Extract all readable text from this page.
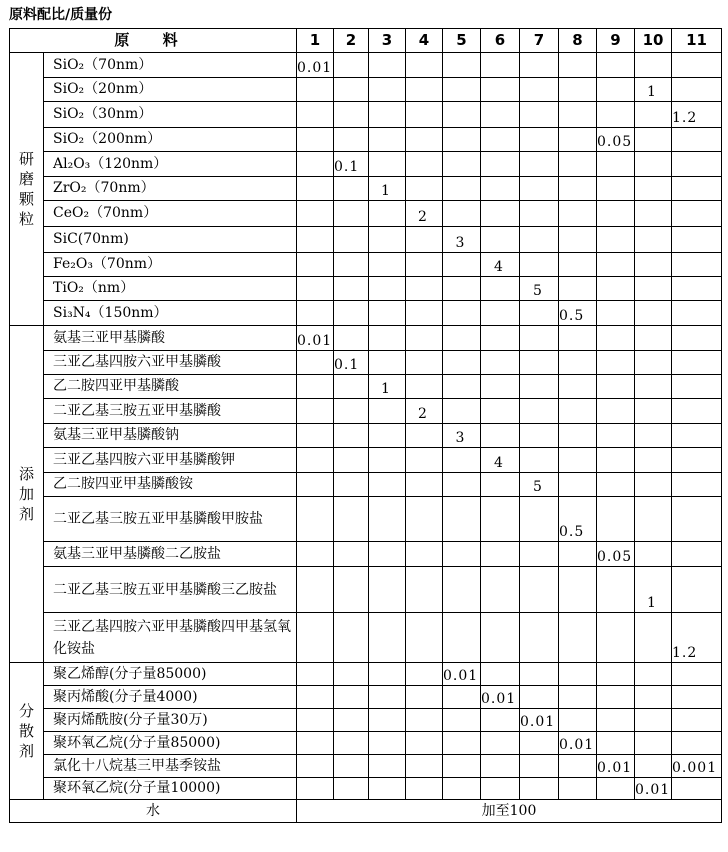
原料配比/质量份
原 料		1	2	3	4	5	6	7	8	9	10	11

研磨颗粒	SiO₂（70nm）	0.01										
	SiO₂（20nm）										1	
	SiO₂（30nm）											1.2
	SiO₂（200nm）									0.05		
	Al₂O₃（120nm）		0.1									
	ZrO₂（70nm）			1								
	CeO₂（70nm）				2							
	SiC(70nm)					3						
	Fe₂O₃（70nm）						4					
	TiO₂（nm）							5				
	Si₃N₄（150nm）								0.5			

添加剂	氨基三亚甲基膦酸	0.01										
	三亚乙基四胺六亚甲基膦酸		0.1									
	乙二胺四亚甲基膦酸			1								
	二亚乙基三胺五亚甲基膦酸				2							
	氨基三亚甲基膦酸钠					3						
	三亚乙基四胺六亚甲基膦酸钾						4					
	乙二胺四亚甲基膦酸铵							5				
	二亚乙基三胺五亚甲基膦酸甲胺盐								0.5			
	氨基三亚甲基膦酸二乙胺盐									0.05		
	二亚乙基三胺五亚甲基膦酸三乙胺盐										1	
	三亚乙基四胺六亚甲基膦酸四甲基氢氧化铵盐											1.2

分散剂	聚乙烯醇(分子量85000)					0.01						
	聚丙烯酸(分子量4000)						0.01					
	聚丙烯酰胺(分子量30万)							0.01				
	聚环氧乙烷(分子量85000)								0.01			
	氯化十八烷基三甲基季铵盐									0.01		0.001
	聚环氧乙烷(分子量10000)										0.01	
水		加至100										
